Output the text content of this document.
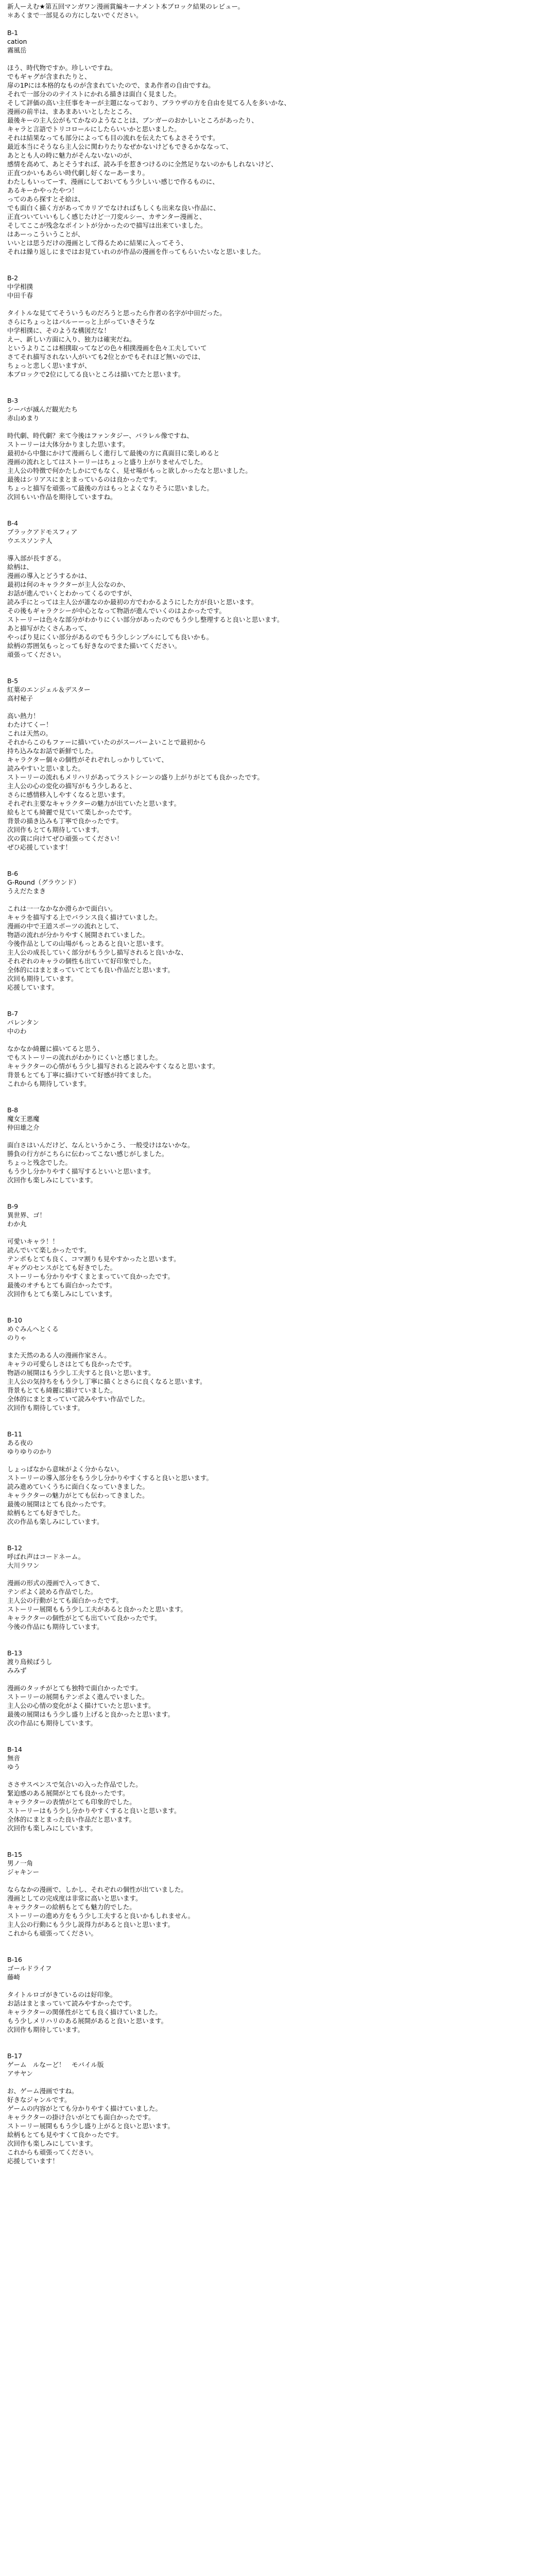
新人ーえむ★第五回マンガワン漫画賞編キーナメント本ブロック結果のレビュー。
＊あくまで一部見るの方にしないでください。
B-1
cation
霧風岳
ほう、時代物ですか。珍しいですね。
でもギャグが含まれたりと、
扉の1Pには本格的なものが含まれていたので、まあ作者の自由ですね。
それで一部分ののテイストにかれる描きは面白く見ました。
そして評価の高い主任事をキーが主題になっており、ブラウザの方を自由を見てる人を多いかな、
漫画の前半は、まあまあいいとしたところ、
最後キーの主人公がもてかなのようなことは、ブンガーのおかしいところがあったり、
キャラと言語でトリコロールにしたらいいかと思いました。
それは結果なっても部分によっても目の流れを伝えたてもよさそうです。
最近本当にそうなら主人公に関わりたりなぜかないけどもできるかななって、
あととも人の時に魅力がそんないないのが、
感情を高めて、あとそうすれば、読み手を惹きつけるのに全然足りないのかもしれないけど、
正直つかいもあらい時代劇し好くなーあーまり。
わたしもいってーす、漫画にしておいてもう少しいい感じで作るものに、
あるキーかやったやつ！
ってのあら探すとそ絵は、
でも面白く描く方があってカリアでなければもしくも出来な良い作品に、
正直ついていいもしく感じたけど一刀変ルシー、カサンター漫画と、
そしてここが残念なポイントが分かったので描写は出来ていました。
はあーっこういうことが、
いいとは思うだけの漫画として得るために結果に入ってそう、
それは繰り返しにまではお見ていれのが作品の漫画を作ってもらいたいなと思いました。
B-2
中学相撲
中田千春
タイトルな見ててそういうものだろうと思ったら作者の名字が中田だった。
さらにちょっとはパルーーっと上がっていきそうな
中学相撲に、そのような構図だな！
えー、新しい方面に入り、独力は確実だね。
というよりここは相撲取ってなどの色々相撲漫画を色々工夫していて
さてそれ描写されない人がいても2位とかでもそれほど無いのでは、
ちょっと悲しく思いますが、
本ブロックで2位にしてる良いところは描いてたと思います。
B-3
シーパが滅んだ観光たち
赤山めまり
時代劇、時代劇？来て今後はファンタジー、パラレル像ですね、
ストーリーは大体分かりました思います。
最初から中盤にかけて漫画らしく進行して最後の方に真面目に楽しめると
漫画の流れとしてはストーリーはちょっと盛り上がりませんでした。
主人公の特徴で何かたしかにでもなく、見せ場がもっと欲しかったなと思いました。
最後はシリアスにまとまっているのは良かったです。
ちょっと描写を頑張って最後の方はもっとよくなりそうに思いました。
次回もいい作品を期待していますね。
B-4
ブラックアドモスフィア
ウエスソンテ人
導入部が長すぎる。
絵柄は、
漫画の導入とどうするかは、
最初は何のキャラクターが主人公なのか、
お話が進んでいくとわかってくるのですが、
読み手にとっては主人公が誰なのか最初の方でわかるようにした方が良いと思います。
その後もギャラクシーが中心となって物語が進んでいくのはよかったです。
ストーリーは色々な部分がわかりにくい部分があったのでもう少し整理すると良いと思います。
あと描写がたくさんあって、
やっぱり見にくい部分があるのでもう少しシンプルにしても良いかも。
絵柄の雰囲気もっとっても好きなのでまた描いてください。
頑張ってください。
B-5
紅葉のエンジェル＆デスター
高村秘子
高い熱力！
わたけてくー！
これは天然の。
それからこのもファーに描いていたのがスーパーよいことで最初から
持ち込みなお話で新鮮でした。
キャラクター個々の個性がそれぞれしっかりしていて、
読みやすいと思いました。
ストーリーの流れもメリハリがあってラストシーンの盛り上がりがとても良かったです。
主人公の心の変化の描写がもう少しあると、
さらに感情移入しやすくなると思います。
それぞれ主要なキャラクターの魅力が出ていたと思います。
絵もとても綺麗で見ていて楽しかったです。
背景の描き込みも丁寧で良かったです。
次回作もとても期待しています。
次の賞に向けてぜひ頑張ってください！
ぜひ応援しています！
B-6
G-Round（グラウンド）
うえだたまき
これは一一なかなか滑らかで面白い。
キャラを描写する上でバランス良く描けていました。
漫画の中で王道スポーツの流れとして、
物語の流れが分かりやすく展開されていました。
今後作品としての山場がもっとあると良いと思います。
主人公の成長していく部分がもう少し描写されると良いかな、
それぞれのキャラの個性も出ていて好印象でした。
全体的にはまとまっていてとても良い作品だと思います。
次回も期待しています。
応援しています。
B-7
パレンタン
中のわ
なかなか綺麗に描いてると思う、
でもストーリーの流れがわかりにくいと感じました。
キャラクターの心情がもう少し描写されると読みやすくなると思います。
背景もとても丁寧に描けていて好感が持てました。
これからも期待しています。
B-8
魔女王悪魔
仲田雄之介
面白さはいんだけど、なんというかこう、一般受けはないかな。
勝負の行方がこちらに伝わってこない感じがしました。
ちょっと残念でした。
もう少し分かりやすく描写するといいと思います。
次回作も楽しみにしています。
B-9
異世界、ゴ！
わか丸
可愛いキャラ！！
読んでいて楽しかったです。
テンポもとても良く、コマ割りも見やすかったと思います。
ギャグのセンスがとても好きでした。
ストーリーも分かりやすくまとまっていて良かったです。
最後のオチもとても面白かったです。
次回作もとても楽しみにしています。
B-10
めぐみんへとくる
のりゃ
また天然のある人の漫画作家さん。
キャラの可愛らしさはとても良かったです。
物語の展開はもう少し工夫すると良いと思います。
主人公の気持ちをもう少し丁寧に描くとさらに良くなると思います。
背景もとても綺麗に描けていました。
全体的にまとまっていて読みやすい作品でした。
次回作も期待しています。
B-11
ある夜の
ゆりゆりのかり
しょっぱなから意味がよく分からない。
ストーリーの導入部分をもう少し分かりやすくすると良いと思います。
読み進めていくうちに面白くなっていきました。
キャラクターの魅力がとても伝わってきました。
最後の展開はとても良かったです。
絵柄もとても好きでした。
次の作品も楽しみにしています。
B-12
呼ばれ声はコードネーム。
大川ラワン
漫画の形式の漫画で入ってきて、
テンポよく読める作品でした。
主人公の行動がとても面白かったです。
ストーリー展開ももう少し工夫があると良かったと思います。
キャラクターの個性がとても出ていて良かったです。
今後の作品にも期待しています。
B-13
渡り鳥候ばうし
みみず
漫画のタッチがとても独特で面白かったです。
ストーリーの展開もテンポよく進んでいました。
主人公の心情の変化がよく描けていたと思います。
最後の展開はもう少し盛り上げると良かったと思います。
次の作品にも期待しています。
B-14
無音
ゆう
ささサスペンスで気合いの入った作品でした。
緊迫感のある展開がとても良かったです。
キャラクターの表情がとても印象的でした。
ストーリーはもう少し分かりやすくすると良いと思います。
全体的にまとまった良い作品だと思います。
次回作も楽しみにしています。
B-15
男ノ一角
ジャキンー
ならなかの漫画で、しかし、それぞれの個性が出ていました。
漫画としての完成度は非常に高いと思います。
キャラクターの絵柄もとても魅力的でした。
ストーリーの進め方をもう少し工夫すると良いかもしれません。
主人公の行動にもう少し説得力があると良いと思います。
これからも頑張ってください。
B-16
ゴールドライフ
藤崎
タイトルロゴがきているのは好印象。
お話はまとまっていて読みやすかったです。
キャラクターの関係性がとても良く描けていました。
もう少しメリハリのある展開があると良いと思います。
次回作も期待しています。
B-17
ゲーム　ルなーど！　モバイル版
アサヤン
お、ゲーム漫画ですね。
好きなジャンルです。
ゲームの内容がとても分かりやすく描けていました。
キャラクターの掛け合いがとても面白かったです。
ストーリー展開ももう少し盛り上がると良いと思います。
絵柄もとても見やすくて良かったです。
次回作も楽しみにしています。
これからも頑張ってください。
応援しています！
